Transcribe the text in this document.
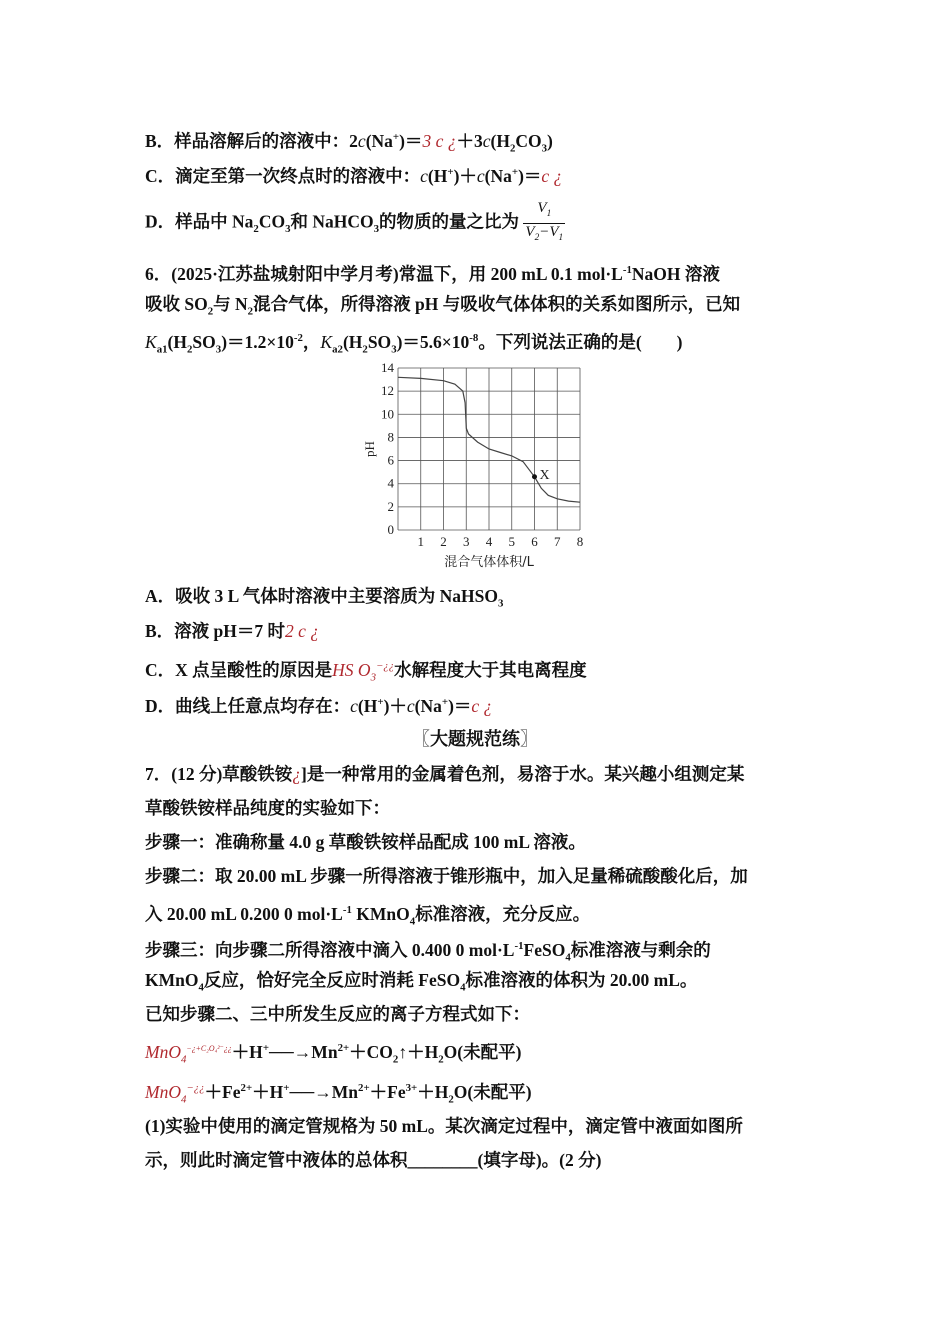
B．样品溶解后的溶液中：2c(Na+)＝3 c ¿$+3c(H_2CO_3)$
C．滴定至第一次终点时的溶液中：c(H+)＋c(Na+)＝c ¿
D．样品中 $Na_2CO_3$和 NaHCO$_3$的物质的量之比为 $\frac{V_1}{V_2-V_1}$
6．(2025·江苏盐城射阳中学月考)常温下，用 200 mL 0.1 $mol\cdot L^{-1}NaOH$ 溶液
吸收 $SO_2$与 $N_2$混合气体，所得溶液 pH 与吸收气体体积的关系如图所示，已知
$K_{a1}(H_2SO_3)=1.2\times 10^{-2}$，$K_{a2}(H_2SO_3)=5.6\times 10^{-8}$。下列说法正确的是(　　)
1 2 3 4 5 6 7 8
0
2
4
6
8
10
12
14
X
pH
混合气体体积/L
A．吸收 3 L 气体时溶液中主要溶质为 NaHSO$_3$
B．溶液 pH＝7 时2 c ¿
C．X 点呈酸性的原因是HS $O_3^{-¿¿}$水解程度大于其电离程度
D．曲线上任意点均存在：c(H+)＋c(Na+)＝c ¿
〖大题规范练〗
7．(12 分)草酸铁铵¿]是一种常用的金属着色剂，易溶于水。某兴趣小组测定某
草酸铁铵样品纯度的实验如下：
步骤一：准确称量 4.0 g 草酸铁铵样品配成 100 mL 溶液。
步骤二：取 20.00 mL 步骤一所得溶液于锥形瓶中，加入足量稀硫酸酸化后，加
入 20.00 mL 0.200 0 $mol\cdot L^{-1}$ KMnO$_4$标准溶液，充分反应。
步骤三：向步骤二所得溶液中滴入 0.400 0 $mol\cdot L^{-1}FeSO_4$标准溶液与剩余的
KMnO$_4$反应，恰好完全反应时消耗 FeSO$_4$标准溶液的体积为 20.00 mL。
已知步骤二、三中所发生反应的离子方程式如下：
$MnO_4^{-¿+C_2O_4^{2-}¿¿}+H^+──\to Mn^{2+}+CO_2↑+H_2O$(未配平)
$MnO_4^{-¿¿}+Fe^{2+}+H^+──\to Mn^{2+}+Fe^{3+}+H_2O$(未配平)
(1)实验中使用的滴定管规格为 50 mL。某次滴定过程中，滴定管中液面如图所
示，则此时滴定管中液体的总体积________(填字母)。(2 分)
